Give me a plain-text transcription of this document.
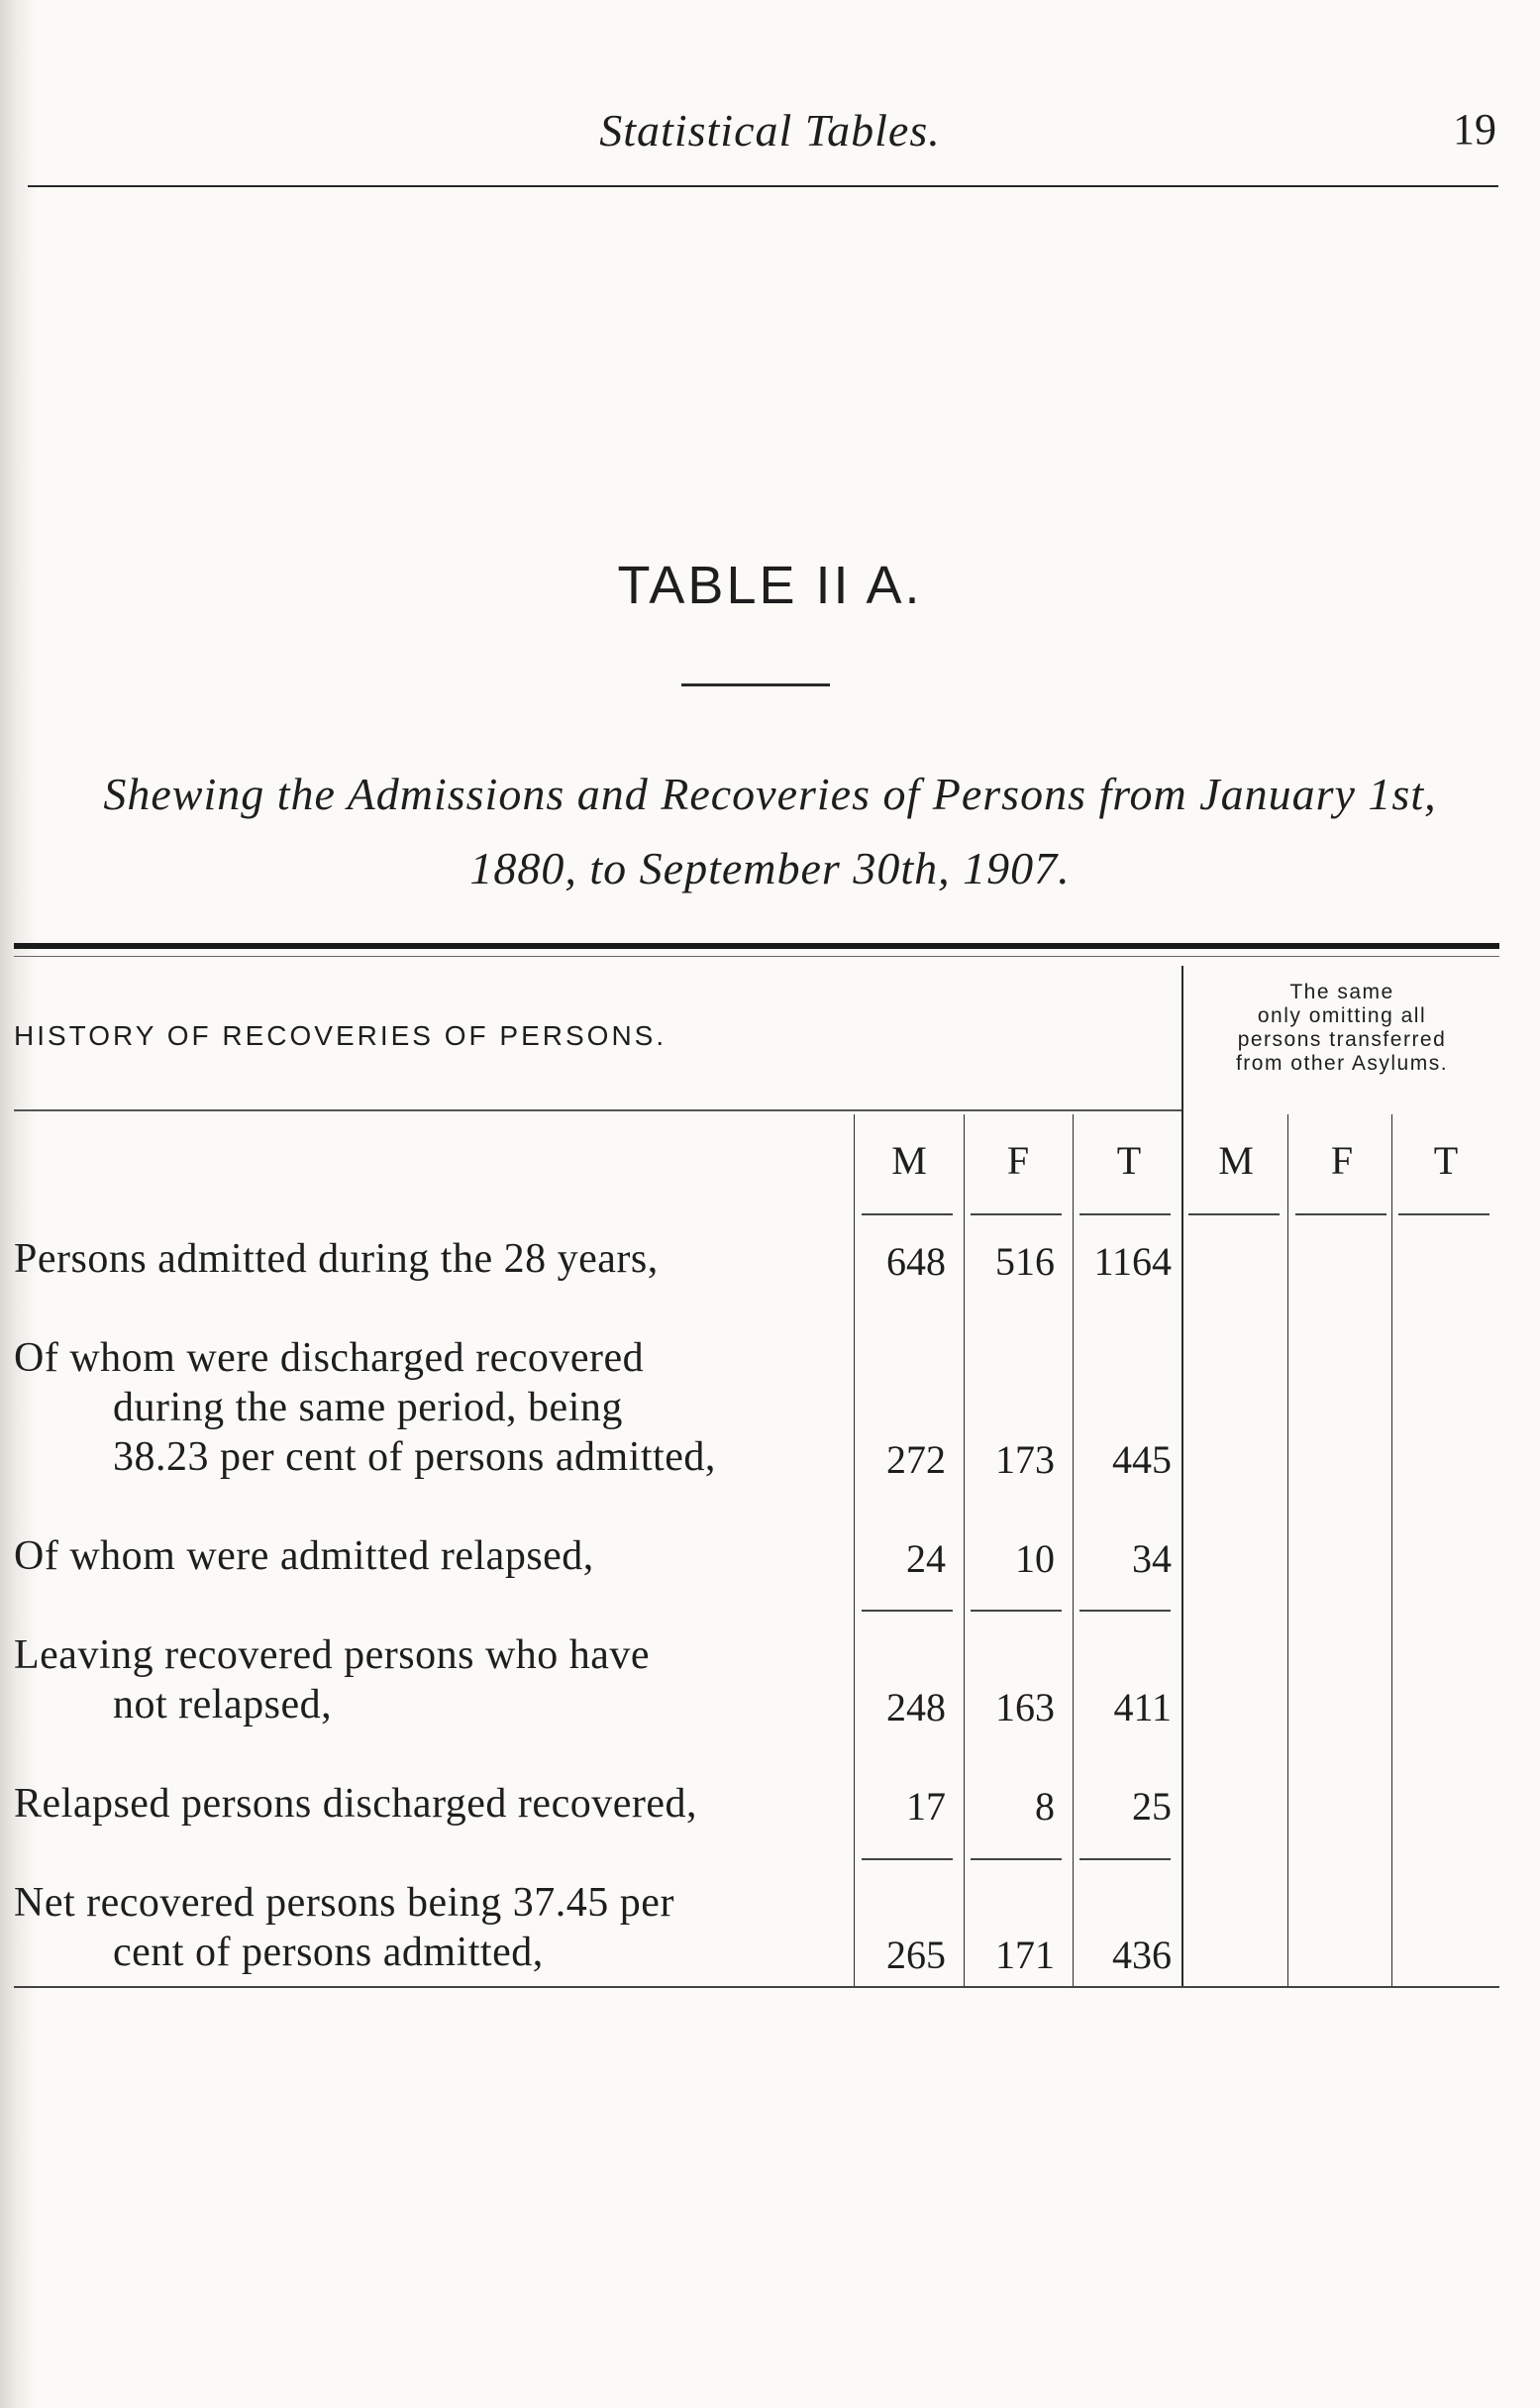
Statistical Tables.	19
TABLE II A.
Shewing the Admissions and Recoveries of Persons from January 1st,
1880, to September 30th, 1907.
HISTORY OF RECOVERIES OF PERSONS.
The same
only omitting all
persons transferred
from other Asylums.
M	F	T	M	F	T
Persons admitted during the 28 years,	648	516 1164
Of whom were discharged recovered
during the same period, being
38.23 per cent of persons admitted,	272	173	445
Of whom were admitted relapsed,	24	10	34
Leaving recovered persons who have
not relapsed,	248	163	411
Relapsed persons discharged recovered,	17	8	25
Net recovered persons being 37.45 per
cent of persons admitted,	265	171	436
